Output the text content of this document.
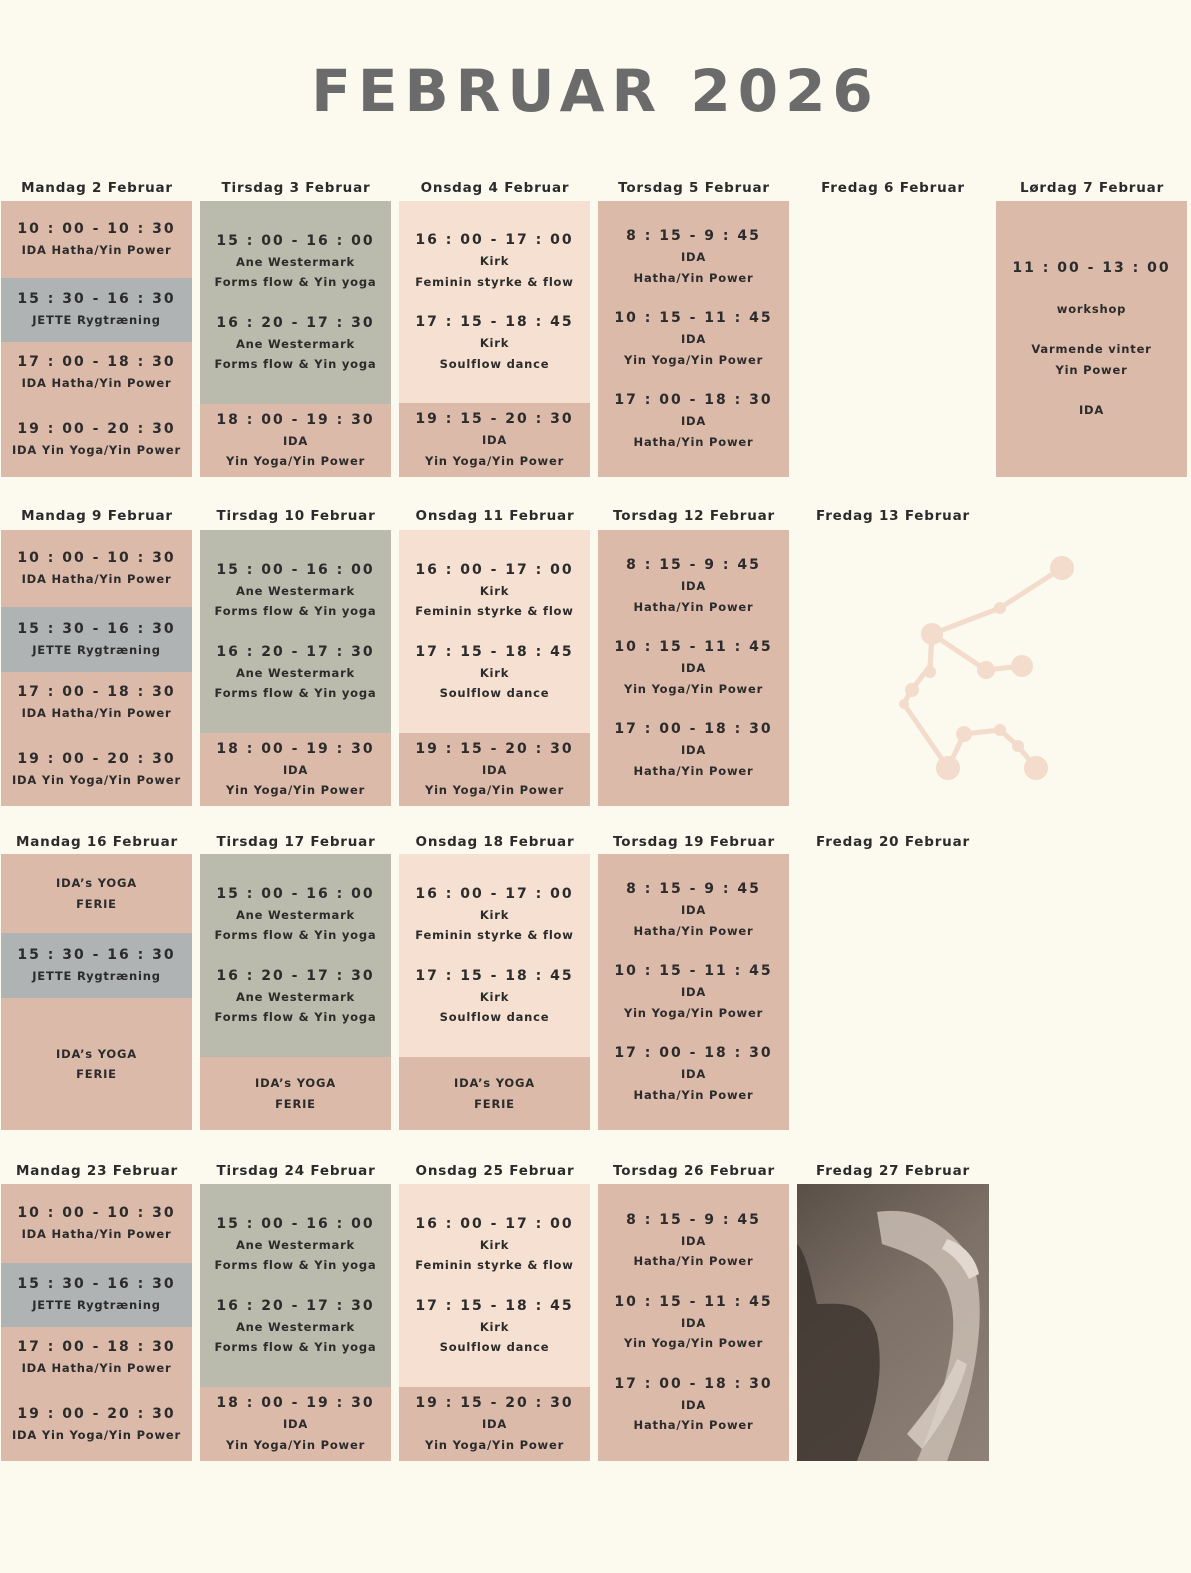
FEBRUAR 2026
Mandag 2 Februar
10 : 00 - 10 : 30
IDA Hatha/Yin Power
15 : 30 - 16 : 30
JETTE Rygtræning
17 : 00 - 18 : 30
IDA Hatha/Yin Power
19 : 00 - 20 : 30
IDA Yin Yoga/Yin Power
Tirsdag 3 Februar
15 : 00 - 16 : 00
Ane Westermark
Forms flow & Yin yoga
16 : 20 - 17 : 30
Ane Westermark
Forms flow & Yin yoga
18 : 00 - 19 : 30
IDA
Yin Yoga/Yin Power
Onsdag 4 Februar
16 : 00 - 17 : 00
Kirk
Feminin styrke & flow
17 : 15 - 18 : 45
Kirk
Soulflow dance
19 : 15 - 20 : 30
IDA
Yin Yoga/Yin Power
Torsdag 5 Februar
8 : 15 - 9 : 45
IDA
Hatha/Yin Power
10 : 15 - 11 : 45
IDA
Yin Yoga/Yin Power
17 : 00 - 18 : 30
IDA
Hatha/Yin Power
Fredag 6 Februar	Lørdag 7 Februar
11 : 00 - 13 : 00
workshop
Varmende vinter
Yin Power
IDA
Mandag 9 Februar
10 : 00 - 10 : 30
IDA Hatha/Yin Power
15 : 30 - 16 : 30
JETTE Rygtræning
17 : 00 - 18 : 30
IDA Hatha/Yin Power
19 : 00 - 20 : 30
IDA Yin Yoga/Yin Power
Tirsdag 10 Februar
15 : 00 - 16 : 00
Ane Westermark
Forms flow & Yin yoga
16 : 20 - 17 : 30
Ane Westermark
Forms flow & Yin yoga
18 : 00 - 19 : 30
IDA
Yin Yoga/Yin Power
Onsdag 11 Februar
16 : 00 - 17 : 00
Kirk
Feminin styrke & flow
17 : 15 - 18 : 45
Kirk
Soulflow dance
19 : 15 - 20 : 30
IDA
Yin Yoga/Yin Power
Torsdag 12 Februar
8 : 15 - 9 : 45
IDA
Hatha/Yin Power
10 : 15 - 11 : 45
IDA
Yin Yoga/Yin Power
17 : 00 - 18 : 30
IDA
Hatha/Yin Power
Fredag 13 Februar
Mandag 16 Februar
IDA’s YOGA
FERIE
15 : 30 - 16 : 30
JETTE Rygtræning
IDA’s YOGA
FERIE
Tirsdag 17 Februar
15 : 00 - 16 : 00
Ane Westermark
Forms flow & Yin yoga
16 : 20 - 17 : 30
Ane Westermark
Forms flow & Yin yoga
IDA’s YOGA
FERIE
Onsdag 18 Februar
16 : 00 - 17 : 00
Kirk
Feminin styrke & flow
17 : 15 - 18 : 45
Kirk
Soulflow dance
IDA’s YOGA
FERIE
Torsdag 19 Februar
8 : 15 - 9 : 45
IDA
Hatha/Yin Power
10 : 15 - 11 : 45
IDA
Yin Yoga/Yin Power
17 : 00 - 18 : 30
IDA
Hatha/Yin Power
Fredag 20 Februar
Mandag 23 Februar
10 : 00 - 10 : 30
IDA Hatha/Yin Power
15 : 30 - 16 : 30
JETTE Rygtræning
17 : 00 - 18 : 30
IDA Hatha/Yin Power
19 : 00 - 20 : 30
IDA Yin Yoga/Yin Power
Tirsdag 24 Februar
15 : 00 - 16 : 00
Ane Westermark
Forms flow & Yin yoga
16 : 20 - 17 : 30
Ane Westermark
Forms flow & Yin yoga
18 : 00 - 19 : 30
IDA
Yin Yoga/Yin Power
Onsdag 25 Februar
16 : 00 - 17 : 00
Kirk
Feminin styrke & flow
17 : 15 - 18 : 45
Kirk
Soulflow dance
19 : 15 - 20 : 30
IDA
Yin Yoga/Yin Power
Torsdag 26 Februar
8 : 15 - 9 : 45
IDA
Hatha/Yin Power
10 : 15 - 11 : 45
IDA
Yin Yoga/Yin Power
17 : 00 - 18 : 30
IDA
Hatha/Yin Power
Fredag 27 Februar
